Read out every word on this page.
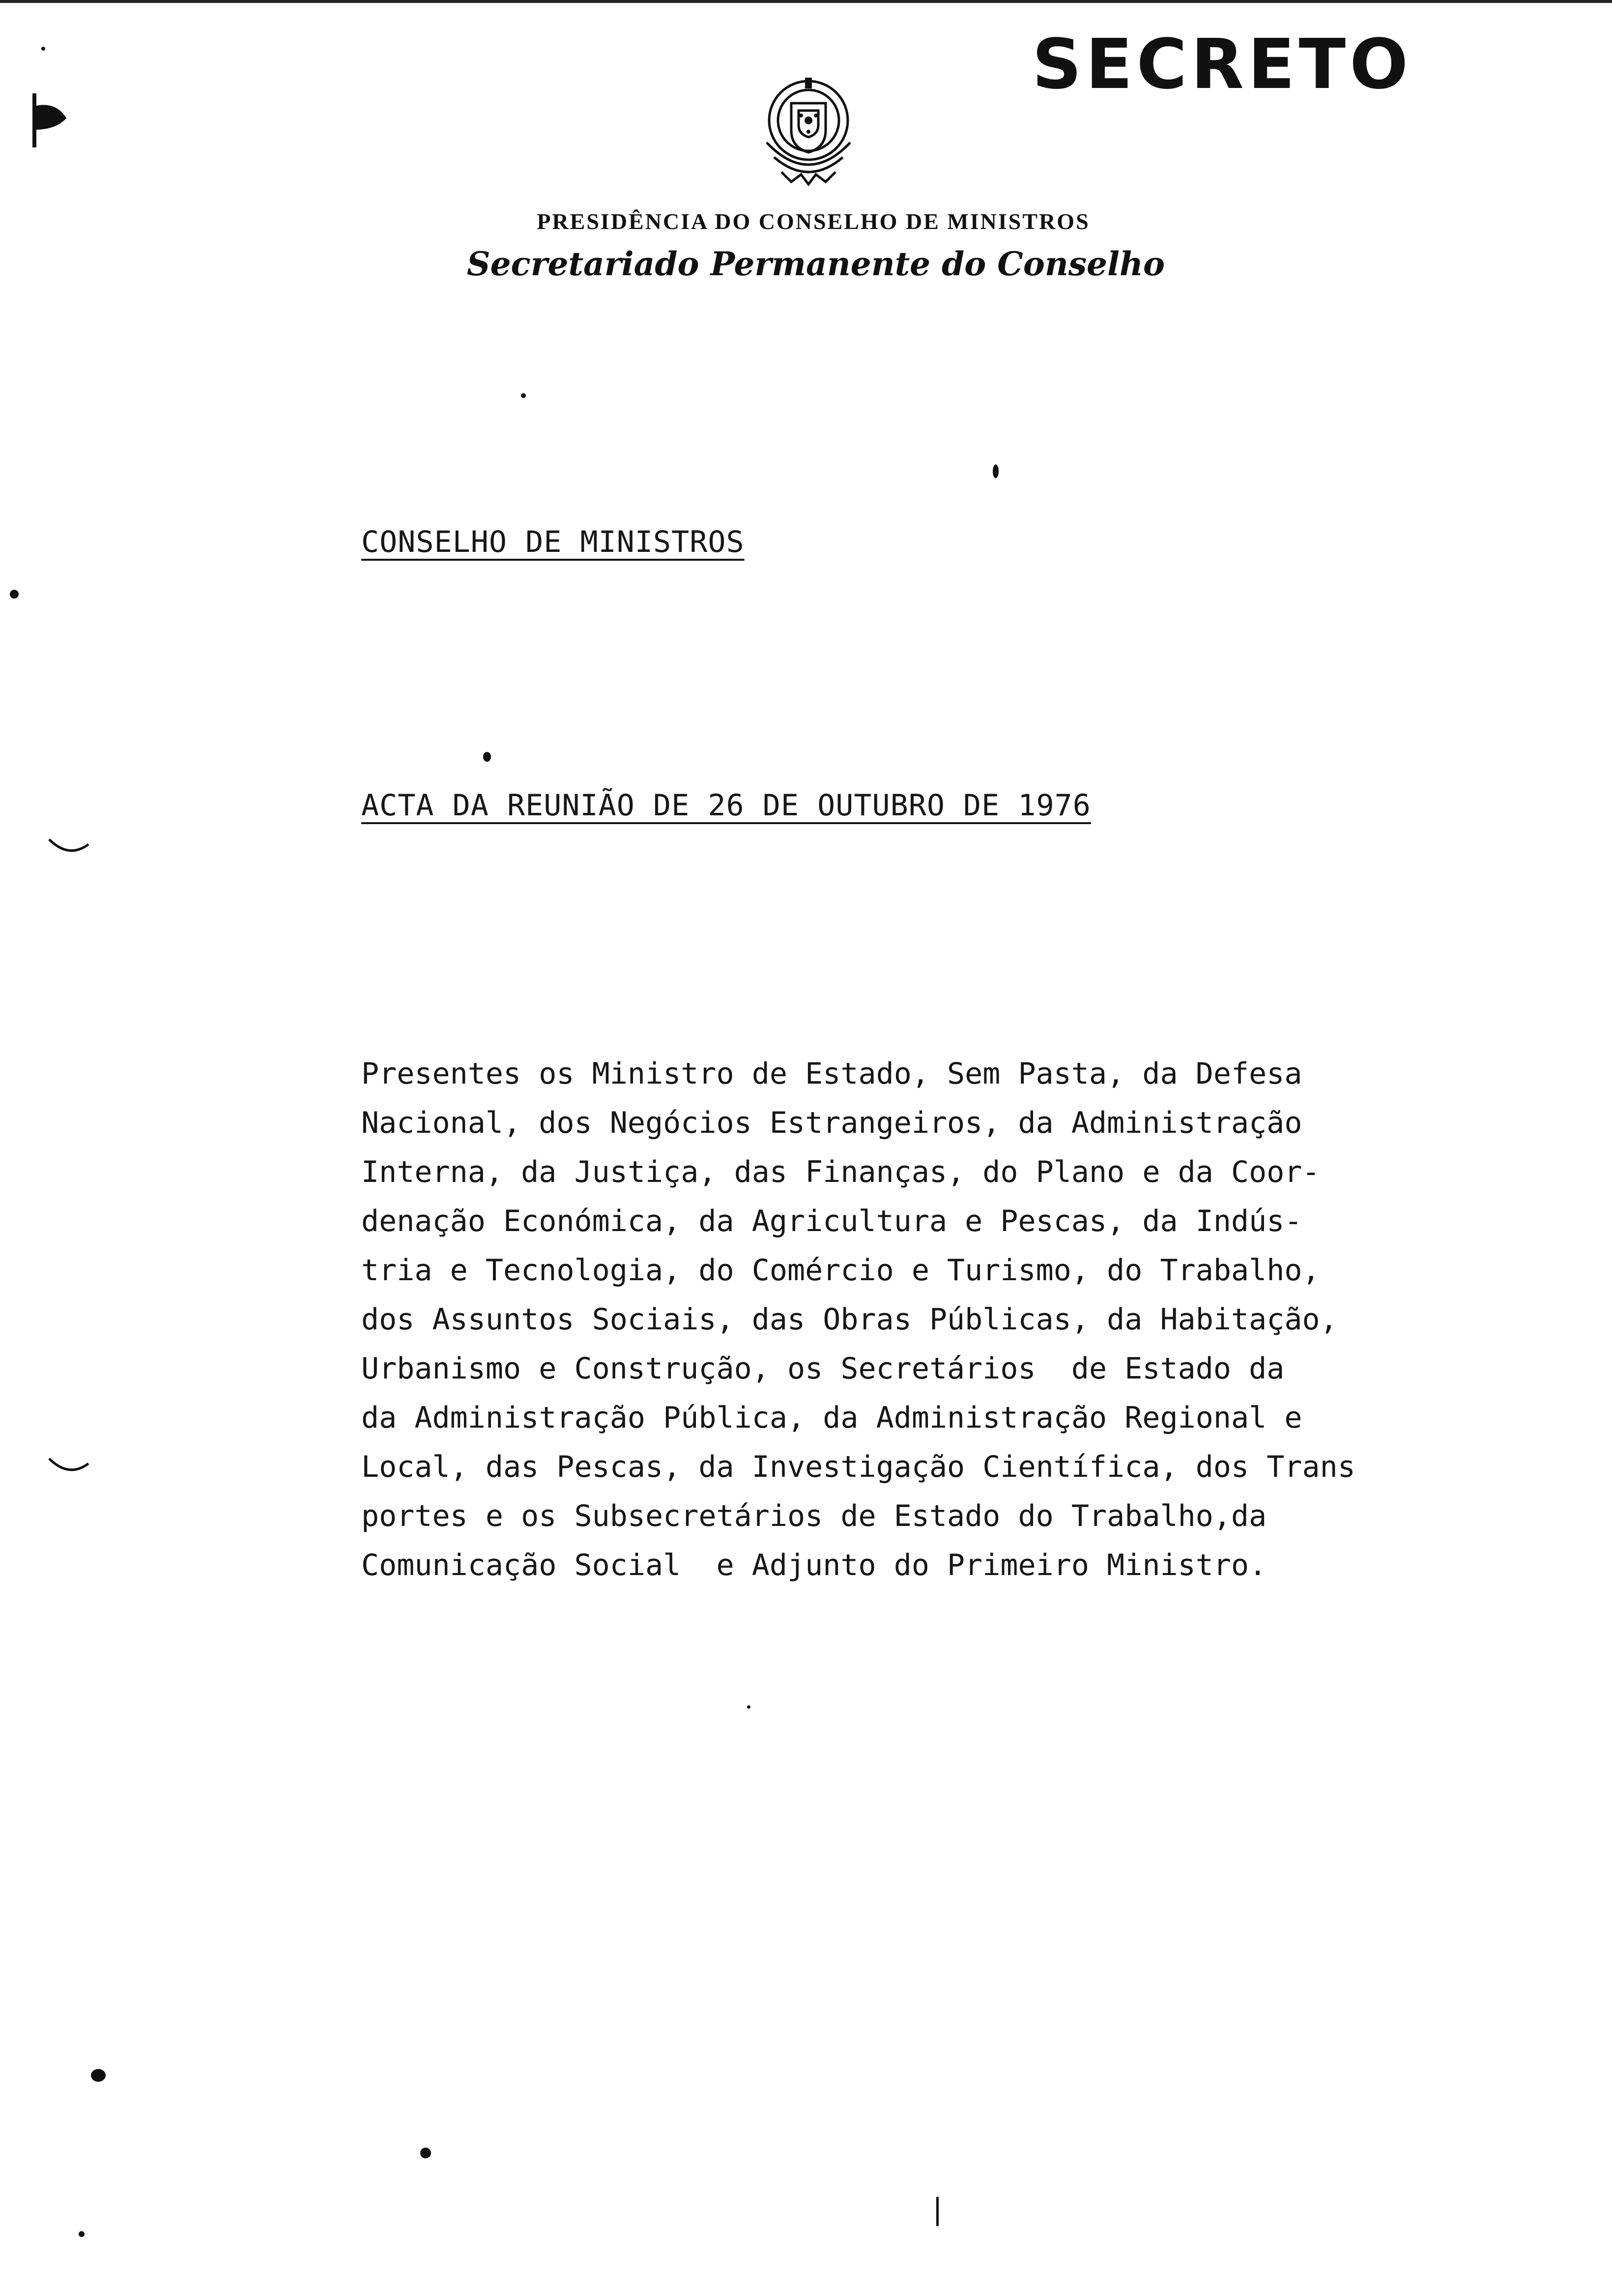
SECRETO
PRESIDÊNCIA DO CONSELHO DE MINISTROS
Secretariado Permanente do Conselho
CONSELHO DE MINISTROS
ACTA DA REUNIÃO DE 26 DE OUTUBRO DE 1976
Presentes os Ministro de Estado, Sem Pasta, da Defesa
Nacional, dos Negócios Estrangeiros, da Administração
Interna, da Justiça, das Finanças, do Plano e da Coor-
denação Económica, da Agricultura e Pescas, da Indús-
tria e Tecnologia, do Comércio e Turismo, do Trabalho,
dos Assuntos Sociais, das Obras Públicas, da Habitação,
Urbanismo e Construção, os Secretários  de Estado da
da Administração Pública, da Administração Regional e
Local, das Pescas, da Investigação Científica, dos Trans
portes e os Subsecretários de Estado do Trabalho,da
Comunicação Social  e Adjunto do Primeiro Ministro.
